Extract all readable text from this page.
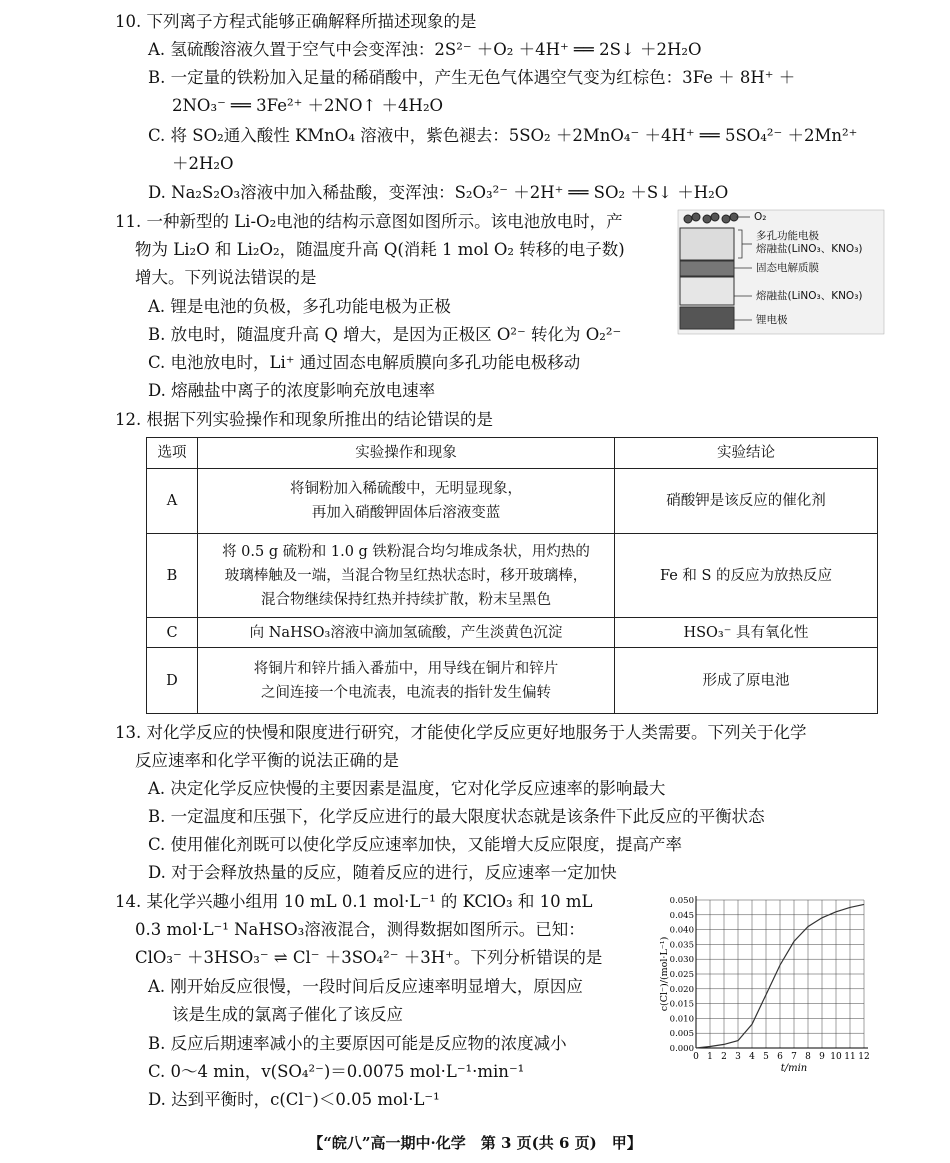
10. 下列离子方程式能够正确解释所描述现象的是
A. 氢硫酸溶液久置于空气中会变浑浊：2S²⁻ ＋O₂ ＋4H⁺ ══ 2S↓ ＋2H₂O
B. 一定量的铁粉加入足量的稀硝酸中，产生无色气体遇空气变为红棕色：3Fe ＋ 8H⁺ ＋
2NO₃⁻ ══ 3Fe²⁺ ＋2NO↑ ＋4H₂O
C. 将 SO₂通入酸性 KMnO₄ 溶液中，紫色褪去：5SO₂ ＋2MnO₄⁻ ＋4H⁺ ══ 5SO₄²⁻ ＋2Mn²⁺
＋2H₂O
D. Na₂S₂O₃溶液中加入稀盐酸，变浑浊：S₂O₃²⁻ ＋2H⁺ ══ SO₂ ＋S↓ ＋H₂O
11. 一种新型的 Li-O₂电池的结构示意图如图所示。该电池放电时，产
物为 Li₂O 和 Li₂O₂，随温度升高 Q(消耗 1 mol O₂ 转移的电子数)
增大。下列说法错误的是
A. 锂是电池的负极，多孔功能电极为正极
B. 放电时，随温度升高 Q 增大，是因为正极区 O²⁻ 转化为 O₂²⁻
C. 电池放电时，Li⁺ 通过固态电解质膜向多孔功能电极移动
D. 熔融盐中离子的浓度影响充放电速率
O₂
多孔功能电极
熔融盐(LiNO₃、KNO₃)
固态电解质膜
熔融盐(LiNO₃、KNO₃)
锂电极
12. 根据下列实验操作和现象所推出的结论错误的是
选项	实验操作和现象	实验结论
A	将铜粉加入稀硫酸中，无明显现象，
再加入硝酸钾固体后溶液变蓝	硝酸钾是该反应的催化剂
B	将 0.5 g 硫粉和 1.0 g 铁粉混合均匀堆成条状，用灼热的
玻璃棒触及一端，当混合物呈红热状态时，移开玻璃棒，
混合物继续保持红热并持续扩散，粉末呈黑色	Fe 和 S 的反应为放热反应
C	向 NaHSO₃溶液中滴加氢硫酸，产生淡黄色沉淀	HSO₃⁻ 具有氧化性
D	将铜片和锌片插入番茄中，用导线在铜片和锌片
之间连接一个电流表，电流表的指针发生偏转	形成了原电池
13. 对化学反应的快慢和限度进行研究，才能使化学反应更好地服务于人类需要。下列关于化学
反应速率和化学平衡的说法正确的是
A. 决定化学反应快慢的主要因素是温度，它对化学反应速率的影响最大
B. 一定温度和压强下，化学反应进行的最大限度状态就是该条件下此反应的平衡状态
C. 使用催化剂既可以使化学反应速率加快，又能增大反应限度，提高产率
D. 对于会释放热量的反应，随着反应的进行，反应速率一定加快
14. 某化学兴趣小组用 10 mL 0.1 mol·L⁻¹ 的 KClO₃ 和 10 mL
0.3 mol·L⁻¹ NaHSO₃溶液混合，测得数据如图所示。已知：
ClO₃⁻ ＋3HSO₃⁻ ⇌ Cl⁻ ＋3SO₄²⁻ ＋3H⁺。下列分析错误的是
A. 刚开始反应很慢，一段时间后反应速率明显增大，原因应
该是生成的氯离子催化了该反应
B. 反应后期速率减小的主要原因可能是反应物的浓度减小
C. 0～4 min，v(SO₄²⁻)＝0.0075 mol·L⁻¹·min⁻¹
D. 达到平衡时，c(Cl⁻)＜0.05 mol·L⁻¹
0 1 2 3 4 5 6 7 8 9 10 11 12
0.000
0.005
0.010
0.015
0.020
0.025
0.030
0.035
0.040
0.045
0.050
t/min
c(Cl⁻)/(mol·L⁻¹)
【“皖八”高一期中·化学　第 3 页(共 6 页)　甲】
